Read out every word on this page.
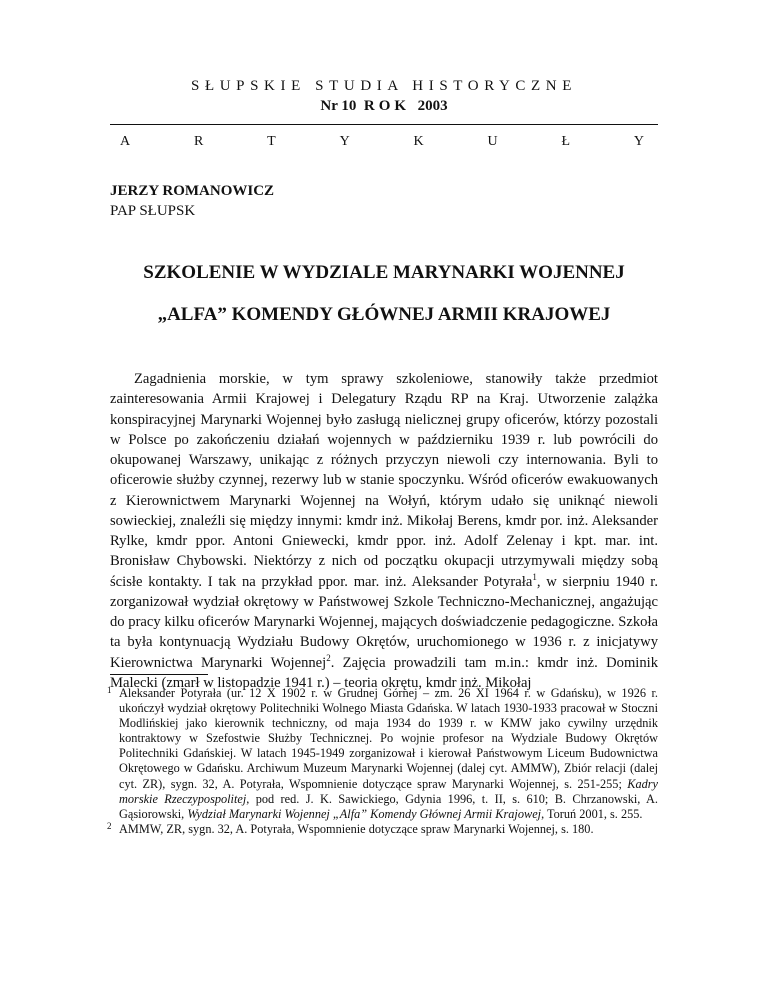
SŁUPSKIE STUDIA HISTORYCZNE
Nr 10 ROK 2003
A	R	T	Y	K	U	Ł	Y
JERZY ROMANOWICZ
PAP SŁUPSK
SZKOLENIE W WYDZIALE MARYNARKI WOJENNEJ
„ALFA” KOMENDY GŁÓWNEJ ARMII KRAJOWEJ

Zagadnienia morskie, w tym sprawy szkoleniowe, stanowiły także przedmiot zainteresowania Armii Krajowej i Delegatury Rządu RP na Kraj. Utworzenie zalążka konspiracyjnej Marynarki Wojennej było zasługą nielicznej grupy oficerów, którzy pozostali w Polsce po zakończeniu działań wojennych w październiku 1939 r. lub powrócili do okupowanej Warszawy, unikając z różnych przyczyn niewoli czy internowania. Byli to oficerowie służby czynnej, rezerwy lub w stanie spoczynku. Wśród oficerów ewakuowanych z Kierownictwem Marynarki Wojennej na Wołyń, którym udało się uniknąć niewoli sowieckiej, znaleźli się między innymi: kmdr inż. Mikołaj Berens, kmdr por. inż. Aleksander Rylke, kmdr ppor. Antoni Gniewecki, kmdr ppor. inż. Adolf Zelenay i kpt. mar. int. Bronisław Chybowski. Niektórzy z nich od początku okupacji utrzymywali między sobą ścisłe kontakty. I tak na przykład ppor. mar. inż. Aleksander Potyrała$^1$, w sierpniu 1940 r. zorganizował wydział okrętowy w Państwowej Szkole Techniczno-Mechanicznej, angażując do pracy kilku oficerów Marynarki Wojennej, mających doświadczenie pedagogiczne. Szkoła ta była kontynuacją Wydziału Budowy Okrętów, uruchomionego w 1936 r. z inicjatywy Kierownictwa Marynarki Wojennej$^2$. Zajęcia prowadzili tam m.in.: kmdr inż. Dominik Malecki (zmarł w listopadzie 1941 r.) – teoria okrętu, kmdr inż. Mikołaj

1 Aleksander Potyrała (ur. 12 X 1902 r. w Grudnej Górnej – zm. 26 XI 1964 r. w Gdańsku), w 1926 r. ukończył wydział okrętowy Politechniki Wolnego Miasta Gdańska. W latach 1930-1933 pracował w Stoczni Modlińskiej jako kierownik techniczny, od maja 1934 do 1939 r. w KMW jako cywilny urzędnik kontraktowy w Szefostwie Służby Technicznej. Po wojnie profesor na Wydziale Budowy Okrętów Politechniki Gdańskiej. W latach 1945-1949 zorganizował i kierował Państwowym Liceum Budownictwa Okrętowego w Gdańsku. Archiwum Muzeum Marynarki Wojennej (dalej cyt. AMMW), Zbiór relacji (dalej cyt. ZR), sygn. 32, A. Potyrała, Wspomnienie dotyczące spraw Marynarki Wojennej, s. 251-255; Kadry morskie Rzeczypospolitej, pod red. J. K. Sawickiego, Gdynia 1996, t. II, s. 610; B. Chrzanowski, A. Gąsiorowski, Wydział Marynarki Wojennej „Alfa” Komendy Głównej Armii Krajowej, Toruń 2001, s. 255.

2 AMMW, ZR, sygn. 32, A. Potyrała, Wspomnienie dotyczące spraw Marynarki Wojennej, s. 180.
